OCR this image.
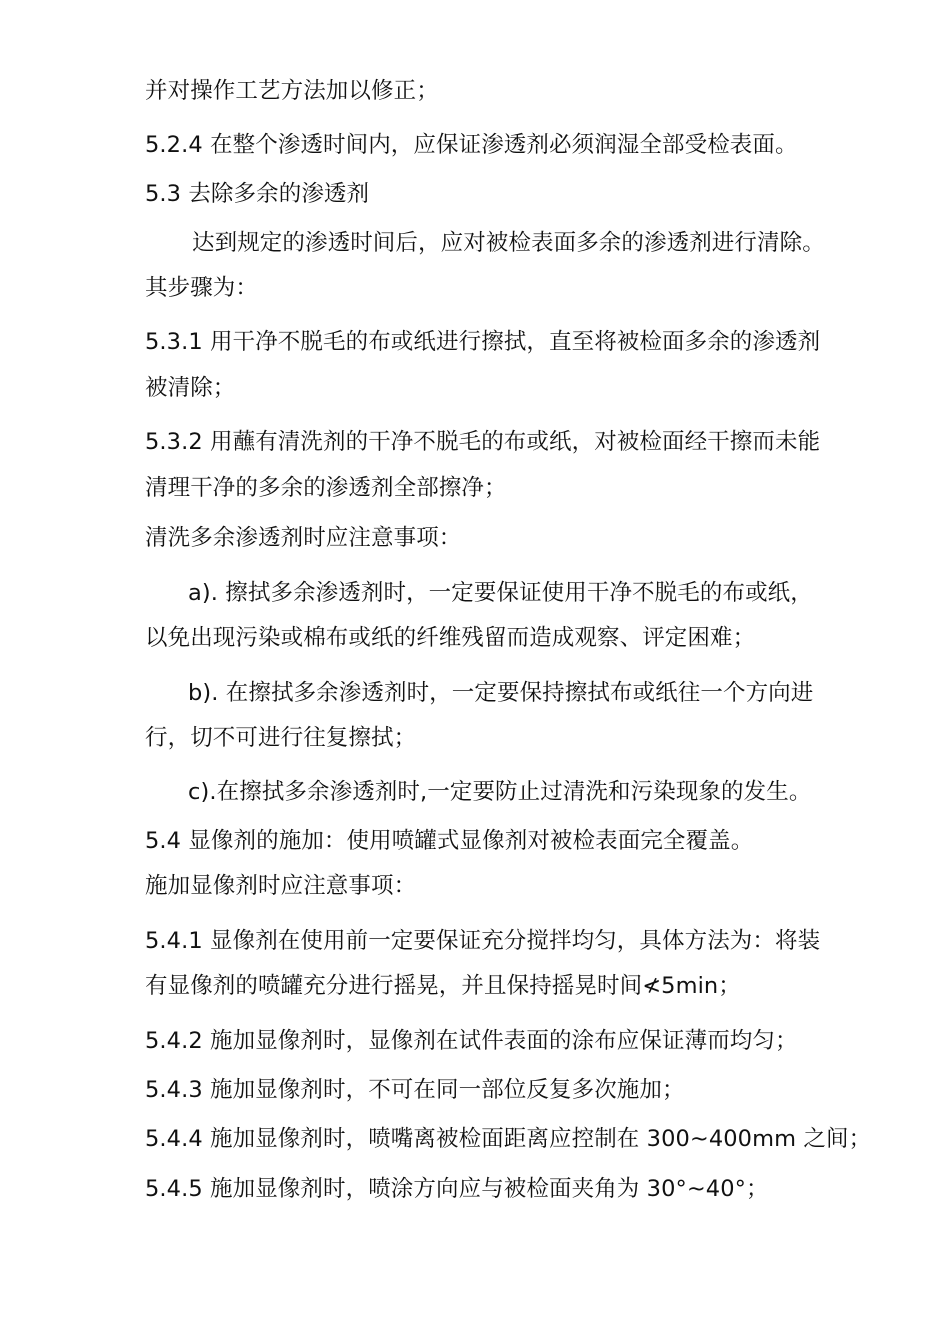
并对操作工艺方法加以修正；
5.2.4 在整个渗透时间内，应保证渗透剂必须润湿全部受检表面。
5.3 去除多余的渗透剂
达到规定的渗透时间后，应对被检表面多余的渗透剂进行清除。
其步骤为：
5.3.1 用干净不脱毛的布或纸进行擦拭，直至将被检面多余的渗透剂
被清除；
5.3.2 用蘸有清洗剂的干净不脱毛的布或纸，对被检面经干擦而未能
清理干净的多余的渗透剂全部擦净；
清洗多余渗透剂时应注意事项：
a). 擦拭多余渗透剂时，一定要保证使用干净不脱毛的布或纸，
以免出现污染或棉布或纸的纤维残留而造成观察、评定困难；
b). 在擦拭多余渗透剂时，一定要保持擦拭布或纸往一个方向进
行，切不可进行往复擦拭；
c).在擦拭多余渗透剂时,一定要防止过清洗和污染现象的发生。
5.4 显像剂的施加：使用喷罐式显像剂对被检表面完全覆盖。
施加显像剂时应注意事项：
5.4.1 显像剂在使用前一定要保证充分搅拌均匀，具体方法为：将装
有显像剂的喷罐充分进行摇晃，并且保持摇晃时间≮5min；
5.4.2 施加显像剂时，显像剂在试件表面的涂布应保证薄而均匀；
5.4.3 施加显像剂时，不可在同一部位反复多次施加；
5.4.4 施加显像剂时，喷嘴离被检面距离应控制在 300~400mm 之间；
5.4.5 施加显像剂时，喷涂方向应与被检面夹角为 30°~40°；
